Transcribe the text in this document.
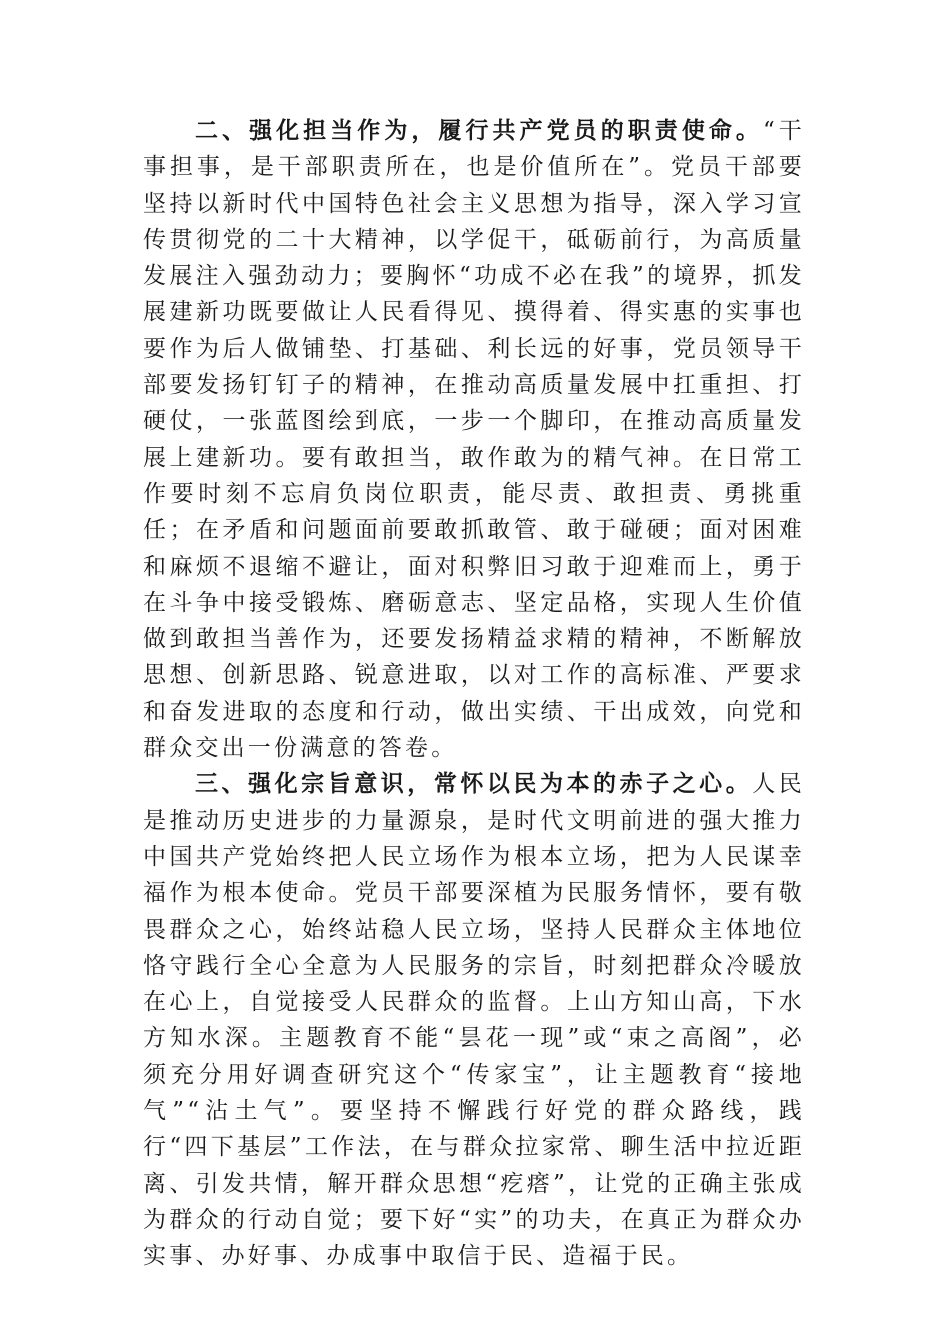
二、强化担当作为，履行共产党员的职责使命。“干事担事，是干部职责所在，也是价值所在”。党员干部要坚持以新时代中国特色社会主义思想为指导，深入学习宣传贯彻党的二十大精神，以学促干，砥砺前行，为高质量发展注入强劲动力；要胸怀“功成不必在我”的境界，抓发展建新功既要做让人民看得见、摸得着、得实惠的实事也要作为后人做铺垫、打基础、利长远的好事，党员领导干部要发扬钉钉子的精神，在推动高质量发展中扛重担、打硬仗，一张蓝图绘到底，一步一个脚印，在推动高质量发展上建新功。要有敢担当，敢作敢为的精气神。在日常工作要时刻不忘肩负岗位职责，能尽责、敢担责、勇挑重任；在矛盾和问题面前要敢抓敢管、敢于碰硬；面对困难和麻烦不退缩不避让，面对积弊旧习敢于迎难而上，勇于在斗争中接受锻炼、磨砺意志、坚定品格，实现人生价值做到敢担当善作为，还要发扬精益求精的精神，不断解放思想、创新思路、锐意进取，以对工作的高标准、严要求和奋发进取的态度和行动，做出实绩、干出成效，向党和群众交出一份满意的答卷。

三、强化宗旨意识，常怀以民为本的赤子之心。人民是推动历史进步的力量源泉，是时代文明前进的强大推力中国共产党始终把人民立场作为根本立场，把为人民谋幸福作为根本使命。党员干部要深植为民服务情怀，要有敬畏群众之心，始终站稳人民立场，坚持人民群众主体地位恪守践行全心全意为人民服务的宗旨，时刻把群众冷暖放在心上，自觉接受人民群众的监督。上山方知山高，下水方知水深。主题教育不能“昙花一现”或“束之高阁”，必须充分用好调查研究这个“传家宝”，让主题教育“接地气”“沾土气”。要坚持不懈践行好党的群众路线，践行“四下基层”工作法，在与群众拉家常、聊生活中拉近距离、引发共情，解开群众思想“疙瘩”，让党的正确主张成为群众的行动自觉；要下好“实”的功夫，在真正为群众办实事、办好事、办成事中取信于民、造福于民。
